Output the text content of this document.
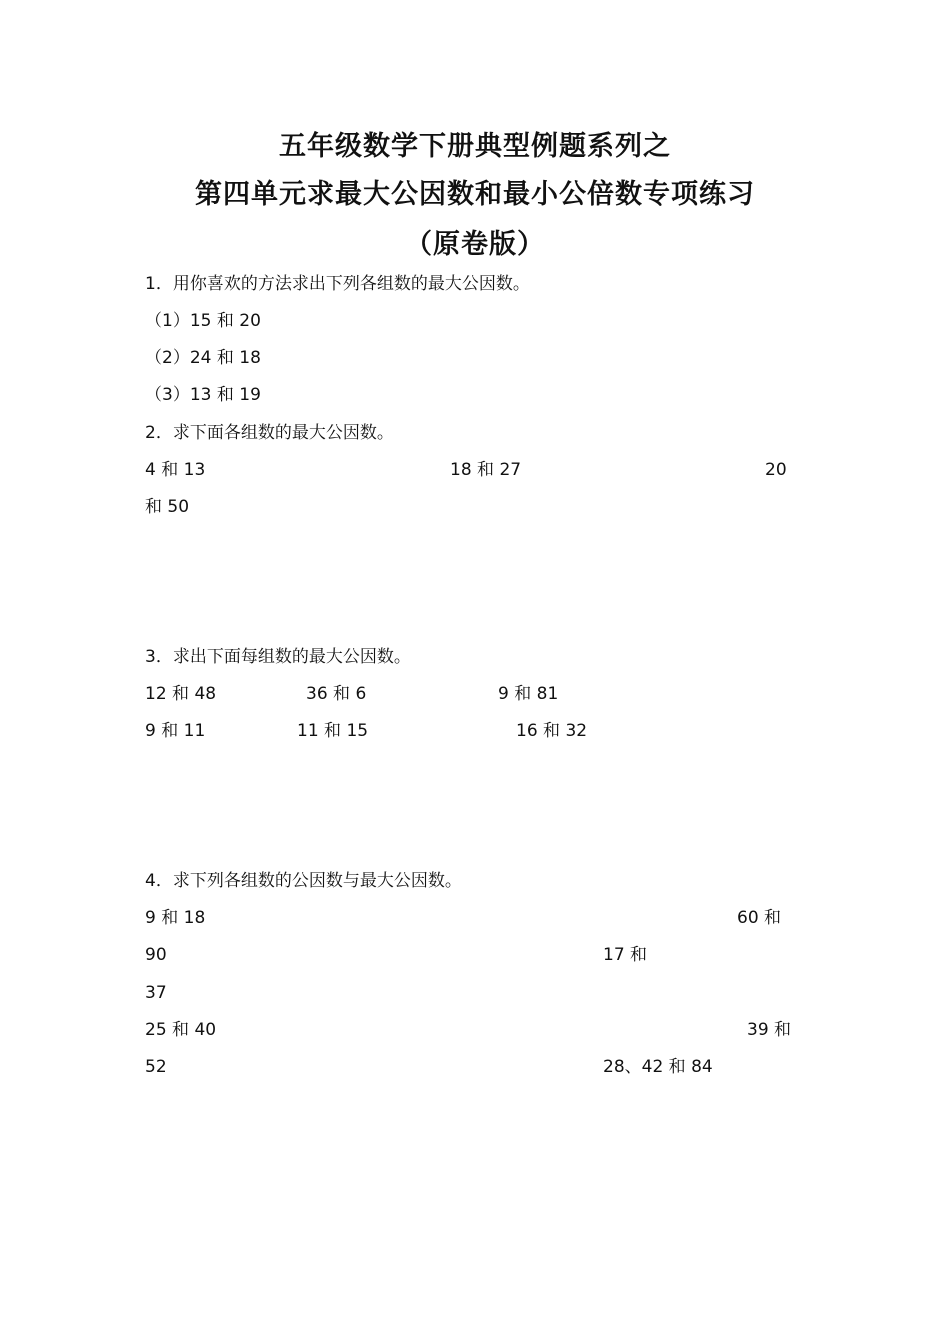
五年级数学下册典型例题系列之
第四单元求最大公因数和最小公倍数专项练习
（原卷版）
1．用你喜欢的方法求出下列各组数的最大公因数。
（1）15 和 20
（2）24 和 18
（3）13 和 19
2．求下面各组数的最大公因数。
4 和 13	18 和 27	20
和 50
3．求出下面每组数的最大公因数。
12 和 48	36 和 6	9 和 81
9 和 11	11 和 15	16 和 32
4．求下列各组数的公因数与最大公因数。
9 和 18	60 和
90	17 和
37
25 和 40	39 和
52	28、42 和 84
